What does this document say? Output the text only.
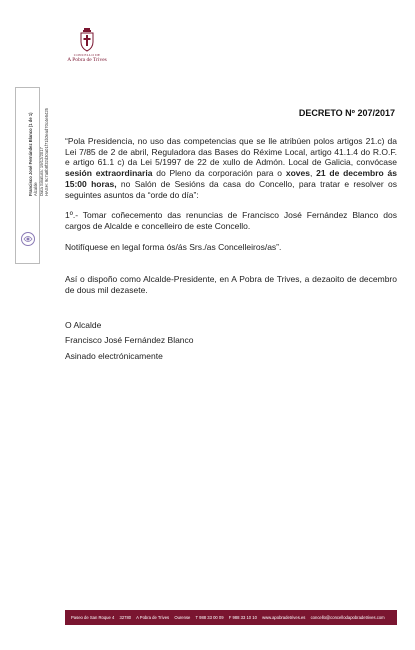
CONCELLO DE
A Pobra de Trives
Francisco José Fernández Blanco (1 de 1) Alcalde Data Sinatura: 19/12/2017 HASH: 9c7a8b8f32d30a01f71b2ead70c4e5425	DECRETO Nº 207/2017

“Pola Presidencia, no uso das competencias que se lle atribúen polos artigos 21.c) da Lei 7/85 de 2 de abril, Reguladora das Bases do Réxime Local, artigo 41.1.4 do R.O.F. e artigo 61.1 c) da Lei 5/1997 de 22 de xullo de Admón. Local de Galicia, convócase sesión extraordinaria do Pleno da corporación para o xoves, 21 de decembro ás 15:00 horas, no Salón de Sesións da casa do Concello, para tratar e resolver os seguintes asuntos da “orde do día”:

1º.- Tomar coñecemento das renuncias de Francisco José Fernández Blanco dos cargos de Alcalde e concelleiro de este Concello.

Notifíquese en legal forma ós/ás Srs./as Concelleiros/as”.

Así o dispoño como Alcalde-Presidente, en A Pobra de Trives, a dezaoito de decembro de dous mil dezasete.

O Alcalde

Francisco José Fernández Blanco

Asinado electrónicamente

Paseo de San Roque 4 32780 A Pobra de Trives Ourense T 988 33 00 09 F 988 33 10 10 www.apobradetrives.es concello@concellodapobradetrives.com
